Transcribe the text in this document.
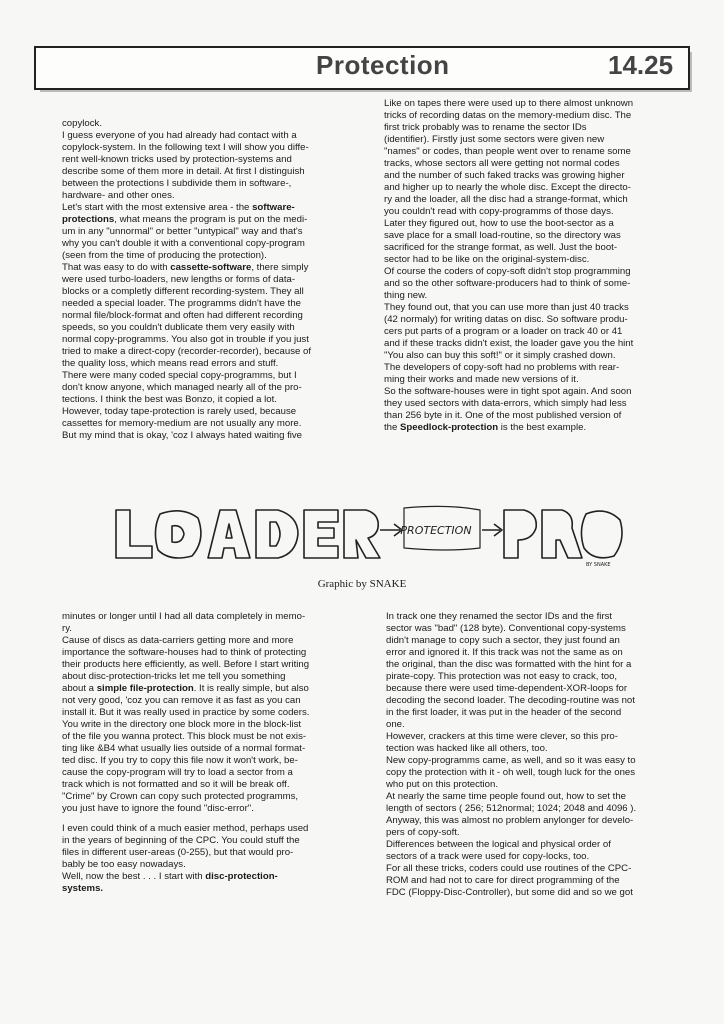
Protection	14.25
copylock.
I guess everyone of you had already had contact with a
copylock-system. In the following text I will show you diffe-
rent well-known tricks used by protection-systems and
describe some of them more in detail. At first I distinguish
between the protections I subdivide them in software-,
hardware- and other ones.
Let's start with the most extensive area - the software-
protections, what means the program is put on the medi-
um in any "unnormal" or better "untypical" way and that's
why you can't double it with a conventional copy-program
(seen from the time of producing the protection).
That was easy to do with cassette-software, there simply
were used turbo-loaders, new lengths or forms of data-
blocks or a completly different recording-system. They all
needed a special loader. The programms didn't have the
normal file/block-format and often had different recording
speeds, so you couldn't dublicate them very easily with
normal copy-programms. You also got in trouble if you just
tried to make a direct-copy (recorder-recorder), because of
the quality loss, which means read errors and stuff.
There were many coded special copy-programms, but I
don't know anyone, which managed nearly all of the pro-
tections. I think the best was Bonzo, it copied a lot.
However, today tape-protection is rarely used, because
cassettes for memory-medium are not usually any more.
But my mind that is okay, 'coz I always hated waiting five
Like on tapes there were used up to there almost unknown
tricks of recording datas on the memory-medium disc. The
first trick probably was to rename the sector IDs
(identifier). Firstly just some sectors were given new
"names" or codes, than people went over to rename some
tracks, whose sectors all were getting not normal codes
and the number of such faked tracks was growing higher
and higher up to nearly the whole disc. Except the directo-
ry and the loader, all the disc had a strange-format, which
you couldn't read with copy-programms of those days.
Later they figured out, how to use the boot-sector as a
save place for a small load-routine, so the directory was
sacrificed for the strange format, as well. Just the boot-
sector had to be like on the original-system-disc.
Of course the coders of copy-soft didn't stop programming
and so the other software-producers had to think of some-
thing new.
They found out, that you can use more than just 40 tracks
(42 normaly) for writing datas on disc. So software produ-
cers put parts of a program or a loader on track 40 or 41
and if these tracks didn't exist, the loader gave you the hint
"You also can buy this soft!" or it simply crashed down.
The developers of copy-soft had no problems with rear-
ming their works and made new versions of it.
So the software-houses were in tight spot again. And soon
they used sectors with data-errors, which simply had less
than 256 byte in it. One of the most published version of
the Speedlock-protection is the best example.
PROTECTION
BY SNAKE
Graphic by SNAKE
minutes or longer until I had all data completely in memo-
ry.
Cause of discs as data-carriers getting more and more
importance the software-houses had to think of protecting
their products here efficiently, as well. Before I start writing
about disc-protection-tricks let me tell you something
about a simple file-protection. It is really simple, but also
not very good, 'coz you can remove it as fast as you can
install it. But it was really used in practice by some coders.
You write in the directory one block more in the block-list
of the file you wanna protect. This block must be not exis-
ting like &B4 what usually lies outside of a normal format-
ted disc. If you try to copy this file now it won't work, be-
cause the copy-program will try to load a sector from a
track which is not formatted and so it will be break off.
"Crime" by Crown can copy such protected programms,
you just have to ignore the found "disc-error".
I even could think of a much easier method, perhaps used
in the years of beginning of the CPC. You could stuff the
files in different user-areas (0-255), but that would pro-
bably be too easy nowadays.
Well, now the best . . . I start with disc-protection-
systems.
In track one they renamed the sector IDs and the first
sector was "bad" (128 byte). Conventional copy-systems
didn't manage to copy such a sector, they just found an
error and ignored it. If this track was not the same as on
the original, than the disc was formatted with the hint for a
pirate-copy. This protection was not easy to crack, too,
because there were used time-dependent-XOR-loops for
decoding the second loader. The decoding-routine was not
in the first loader, it was put in the header of the second
one.
However, crackers at this time were clever, so this pro-
tection was hacked like all others, too.
New copy-programms came, as well, and so it was easy to
copy the protection with it - oh well, tough luck for the ones
who put on this protection.
At nearly the same time people found out, how to set the
length of sectors ( 256; 512normal; 1024; 2048 and 4096 ).
Anyway, this was almost no problem anylonger for develo-
pers of copy-soft.
Differences between the logical and physical order of
sectors of a track were used for copy-locks, too.
For all these tricks, coders could use routines of the CPC-
ROM and had not to care for direct programming of the
FDC (Floppy-Disc-Controller), but some did and so we got
